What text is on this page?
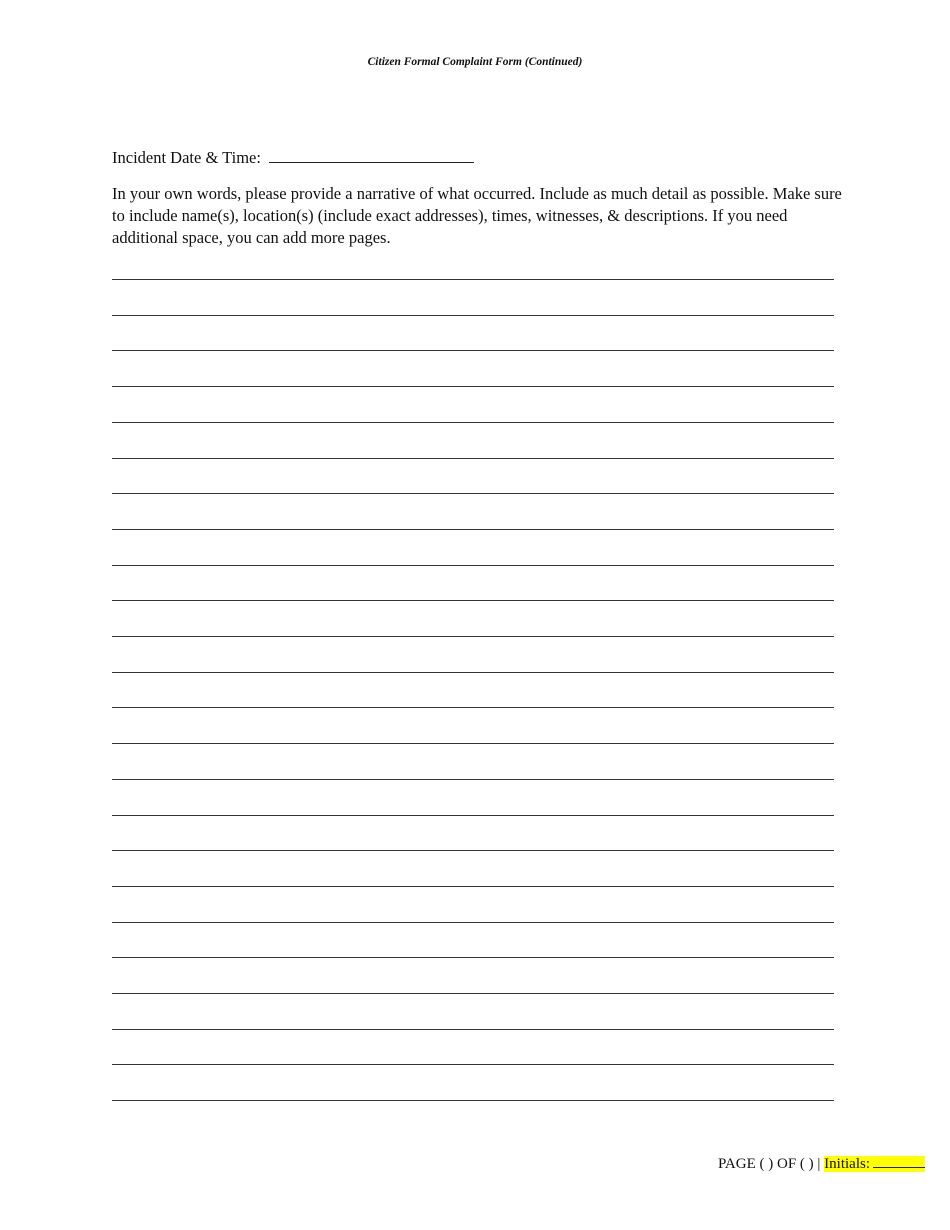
Citizen Formal Complaint Form (Continued)
Incident Date & Time:
In your own words, please provide a narrative of what occurred. Include as much detail as possible. Make sure to include name(s), location(s) (include exact addresses), times, witnesses, & descriptions. If you need additional space, you can add more pages.
PAGE ( ) OF ( ) | Initials:
